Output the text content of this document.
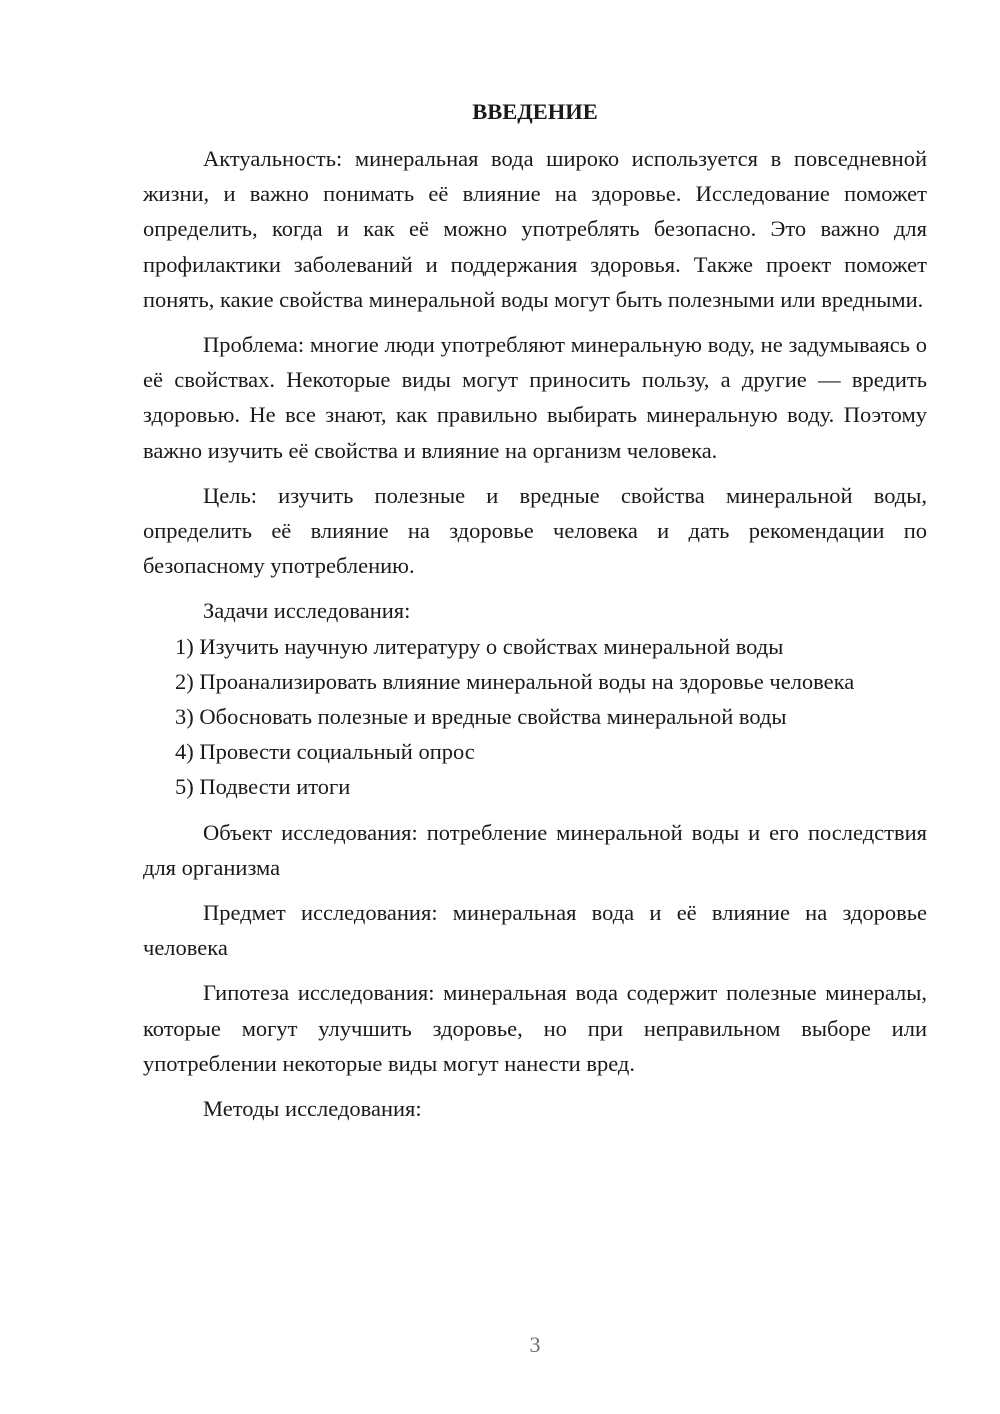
ВВЕДЕНИЕ

Актуальность: минеральная вода широко используется в повседневной жизни, и важно понимать её влияние на здоровье. Исследование поможет определить, когда и как её можно употреблять безопасно. Это важно для профилактики заболеваний и поддержания здоровья. Также проект поможет понять, какие свойства минеральной воды могут быть полезными или вредными.

Проблема: многие люди употребляют минеральную воду, не задумываясь о её свойствах. Некоторые виды могут приносить пользу, а другие — вредить здоровью. Не все знают, как правильно выбирать минеральную воду. Поэтому важно изучить её свойства и влияние на организм человека.

Цель: изучить полезные и вредные свойства минеральной воды, определить её влияние на здоровье человека и дать рекомендации по безопасному употреблению.

Задачи исследования:

1) Изучить научную литературу о свойствах минеральной воды

2) Проанализировать влияние минеральной воды на здоровье человека

3) Обосновать полезные и вредные свойства минеральной воды

4) Провести социальный опрос

5) Подвести итоги

Объект исследования: потребление минеральной воды и его последствия для организма

Предмет исследования: минеральная вода и её влияние на здоровье человека

Гипотеза исследования: минеральная вода содержит полезные минералы, которые могут улучшить здоровье, но при неправильном выборе или употреблении некоторые виды могут нанести вред.

Методы исследования:

3
